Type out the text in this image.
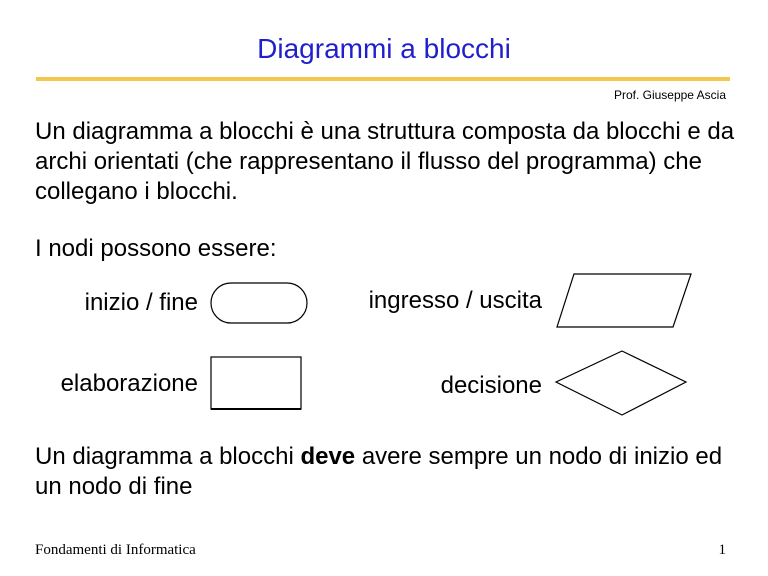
Diagrammi a blocchi
Prof. Giuseppe Ascia
Un diagramma a blocchi è una struttura composta da blocchi e da archi orientati (che rappresentano il flusso del programma) che collegano i blocchi.
I nodi possono essere:
inizio / fine	ingresso / uscita
elaborazione	decisione
Un diagramma a blocchi deve avere sempre un nodo di inizio ed un nodo di fine
Fondamenti di Informatica	1
